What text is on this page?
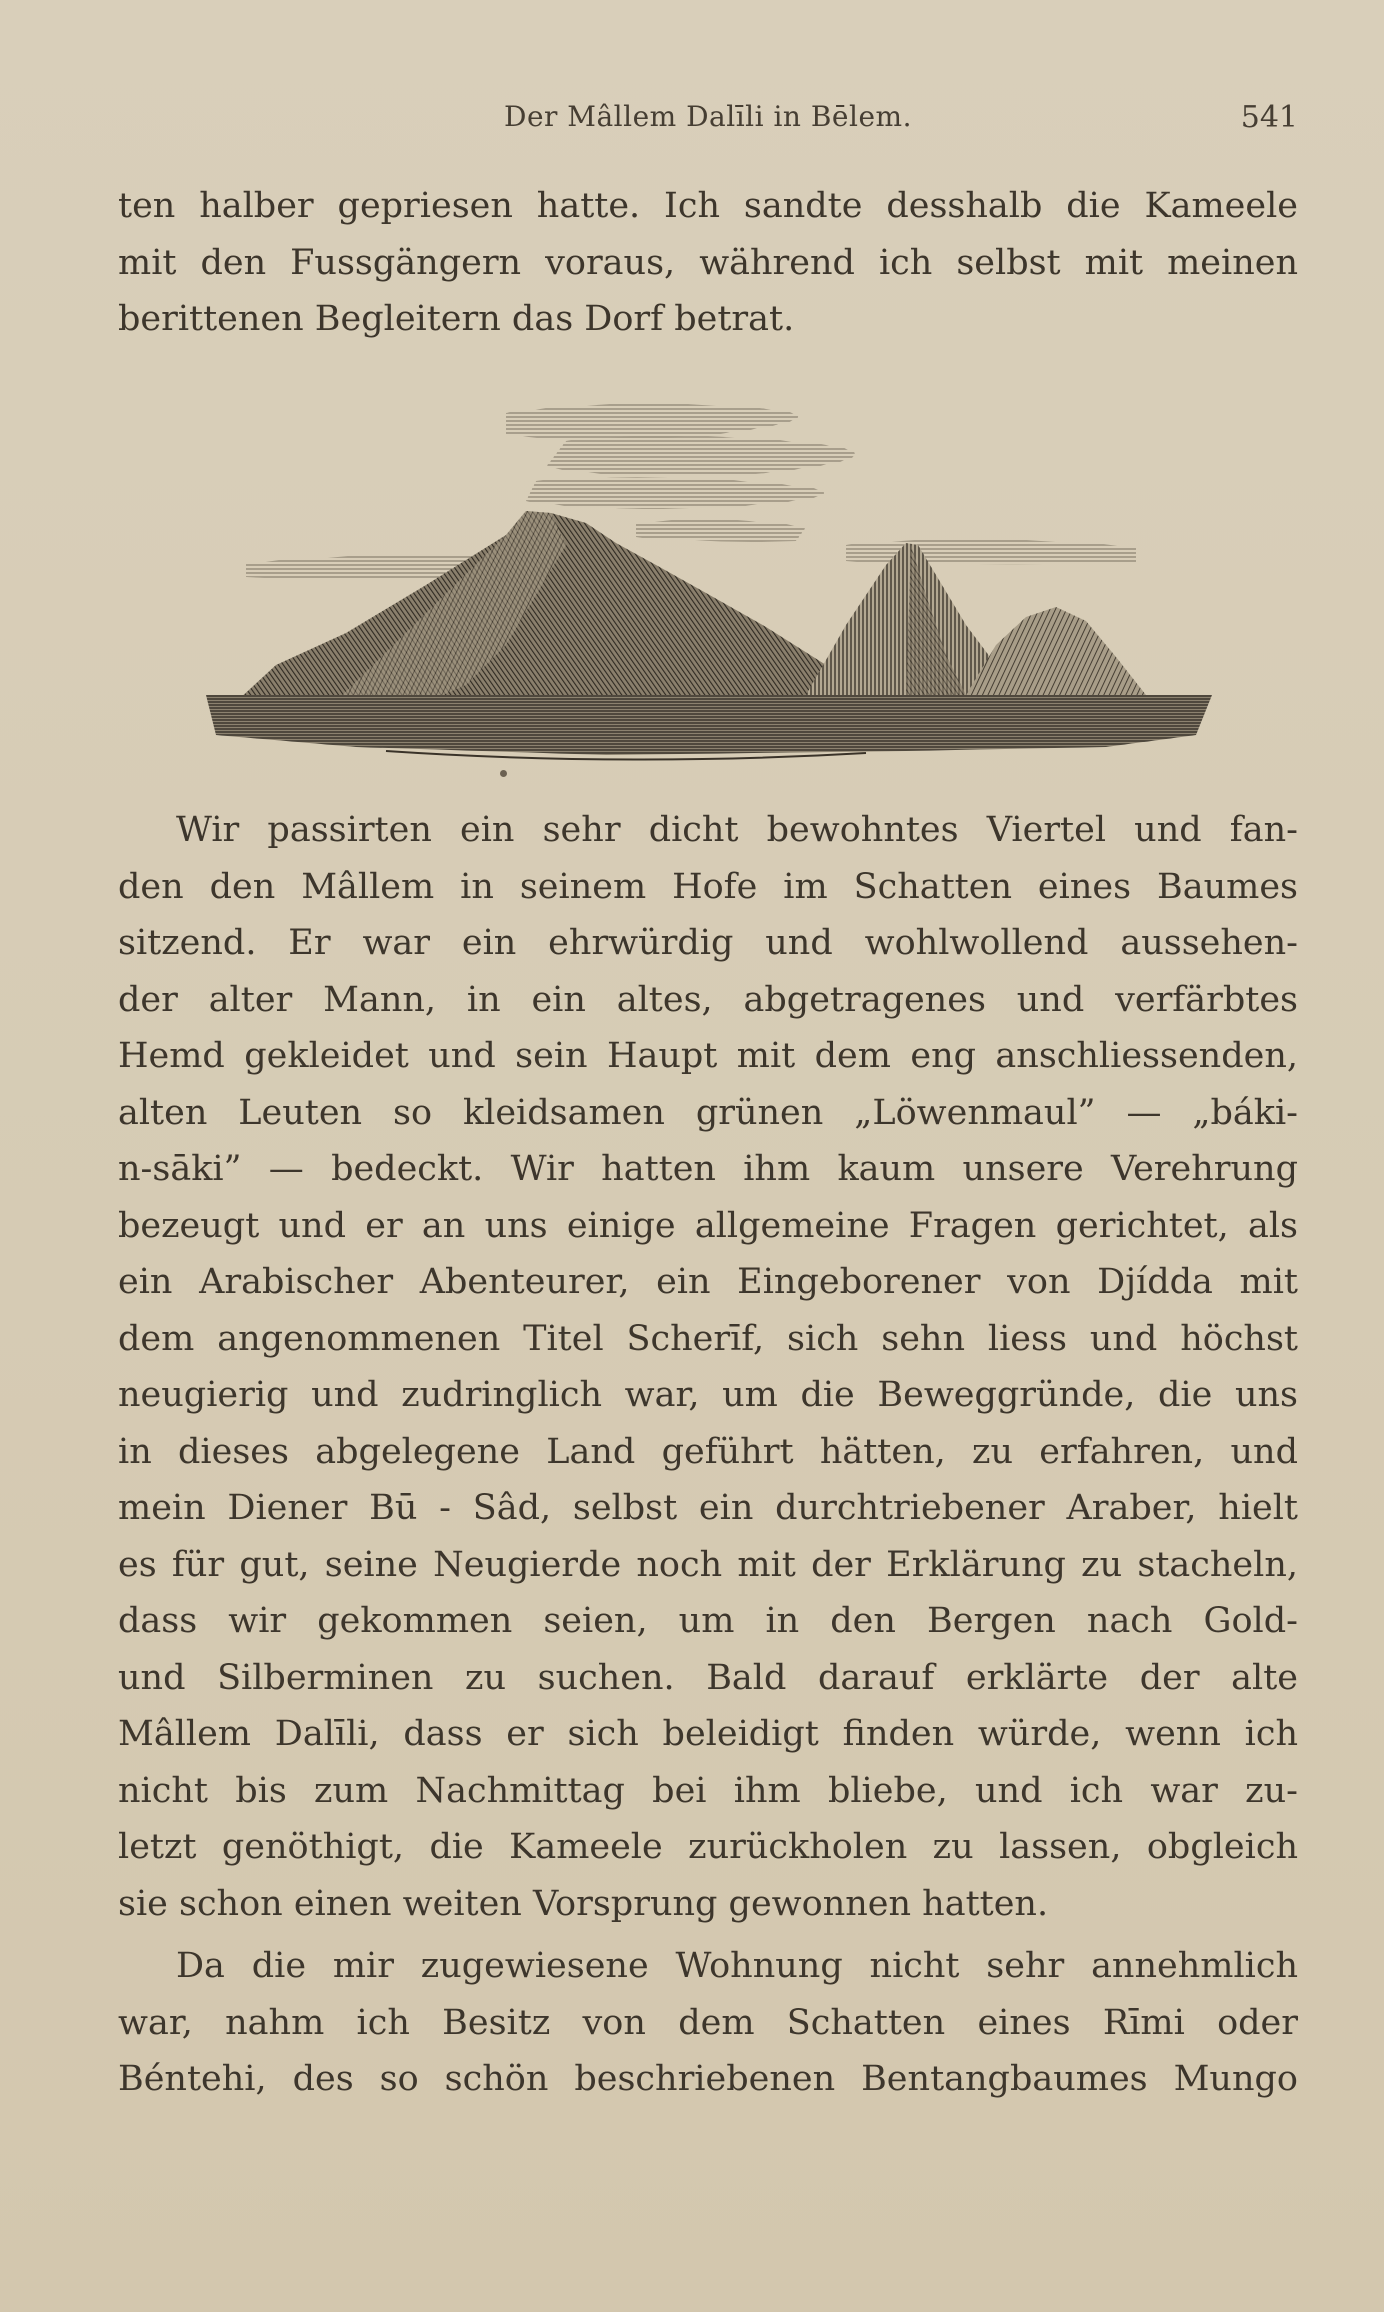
Der Mâllem Dalīli in Bēlem.	541
ten halber gepriesen hatte. Ich sandte desshalb die Kameele
mit den Fussgängern voraus, während ich selbst mit meinen
berittenen Begleitern das Dorf betrat.
Wir passirten ein sehr dicht bewohntes Viertel und fan-
den den Mâllem in seinem Hofe im Schatten eines Baumes
sitzend. Er war ein ehrwürdig und wohlwollend aussehen-
der alter Mann, in ein altes, abgetragenes und verfärbtes
Hemd gekleidet und sein Haupt mit dem eng anschliessenden,
alten Leuten so kleidsamen grünen „Löwenmaul” — „báki-
n-sāki” — bedeckt. Wir hatten ihm kaum unsere Verehrung
bezeugt und er an uns einige allgemeine Fragen gerichtet, als
ein Arabischer Abenteurer, ein Eingeborener von Djídda mit
dem angenommenen Titel Scherīf, sich sehn liess und höchst
neugierig und zudringlich war, um die Beweggründe, die uns
in dieses abgelegene Land geführt hätten, zu erfahren, und
mein Diener Bū - Sâd, selbst ein durchtriebener Araber, hielt
es für gut, seine Neugierde noch mit der Erklärung zu stacheln,
dass wir gekommen seien, um in den Bergen nach Gold-
und Silberminen zu suchen. Bald darauf erklärte der alte
Mâllem Dalīli, dass er sich beleidigt finden würde, wenn ich
nicht bis zum Nachmittag bei ihm bliebe, und ich war zu-
letzt genöthigt, die Kameele zurückholen zu lassen, obgleich
sie schon einen weiten Vorsprung gewonnen hatten.
Da die mir zugewiesene Wohnung nicht sehr annehmlich
war, nahm ich Besitz von dem Schatten eines Rīmi oder
Béntehi, des so schön beschriebenen Bentangbaumes Mungo
